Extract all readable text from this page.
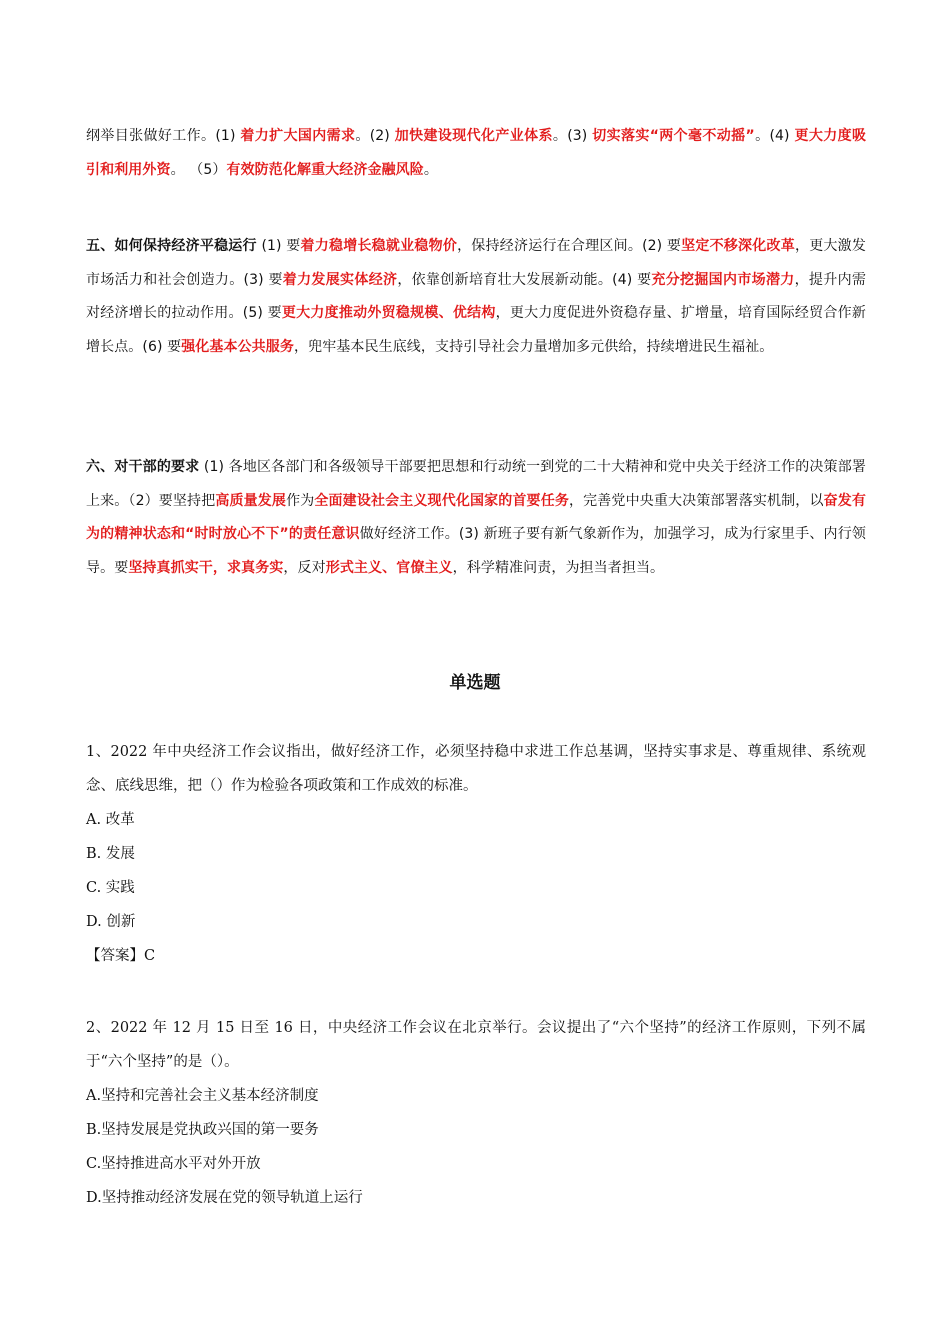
纲举目张做好工作。(1) 着力扩大国内需求。(2) 加快建设现代化产业体系。(3) 切实落实“两个毫不动摇”。(4) 更大力度吸引和利用外资。 （5）有效防范化解重大经济金融风险。
五、如何保持经济平稳运行 (1) 要着力稳增长稳就业稳物价，保持经济运行在合理区间。(2) 要坚定不移深化改革，更大激发市场活力和社会创造力。(3) 要着力发展实体经济，依靠创新培育壮大发展新动能。(4) 要充分挖掘国内市场潜力，提升内需对经济增长的拉动作用。(5) 要更大力度推动外贸稳规模、优结构，更大力度促进外资稳存量、扩增量，培育国际经贸合作新增长点。(6) 要强化基本公共服务，兜牢基本民生底线，支持引导社会力量增加多元供给，持续增进民生福祉。
六、对干部的要求 (1) 各地区各部门和各级领导干部要把思想和行动统一到党的二十大精神和党中央关于经济工作的决策部署上来。（2）要坚持把高质量发展作为全面建设社会主义现代化国家的首要任务，完善党中央重大决策部署落实机制，以奋发有为的精神状态和“时时放心不下”的责任意识做好经济工作。(3) 新班子要有新气象新作为，加强学习，成为行家里手、内行领导。要坚持真抓实干，求真务实，反对形式主义、官僚主义，科学精准问责，为担当者担当。
单选题
1、2022 年中央经济工作会议指出，做好经济工作，必须坚持稳中求进工作总基调，坚持实事求是、尊重规律、系统观念、底线思维，把（）作为检验各项政策和工作成效的标准。
A. 改革
B. 发展
C. 实践
D. 创新
【答案】C
2、2022 年 12 月 15 日至 16 日，中央经济工作会议在北京举行。会议提出了“六个坚持”的经济工作原则，下列不属于“六个坚持”的是（）。
A.坚持和完善社会主义基本经济制度
B.坚持发展是党执政兴国的第一要务
C.坚持推进高水平对外开放
D.坚持推动经济发展在党的领导轨道上运行
